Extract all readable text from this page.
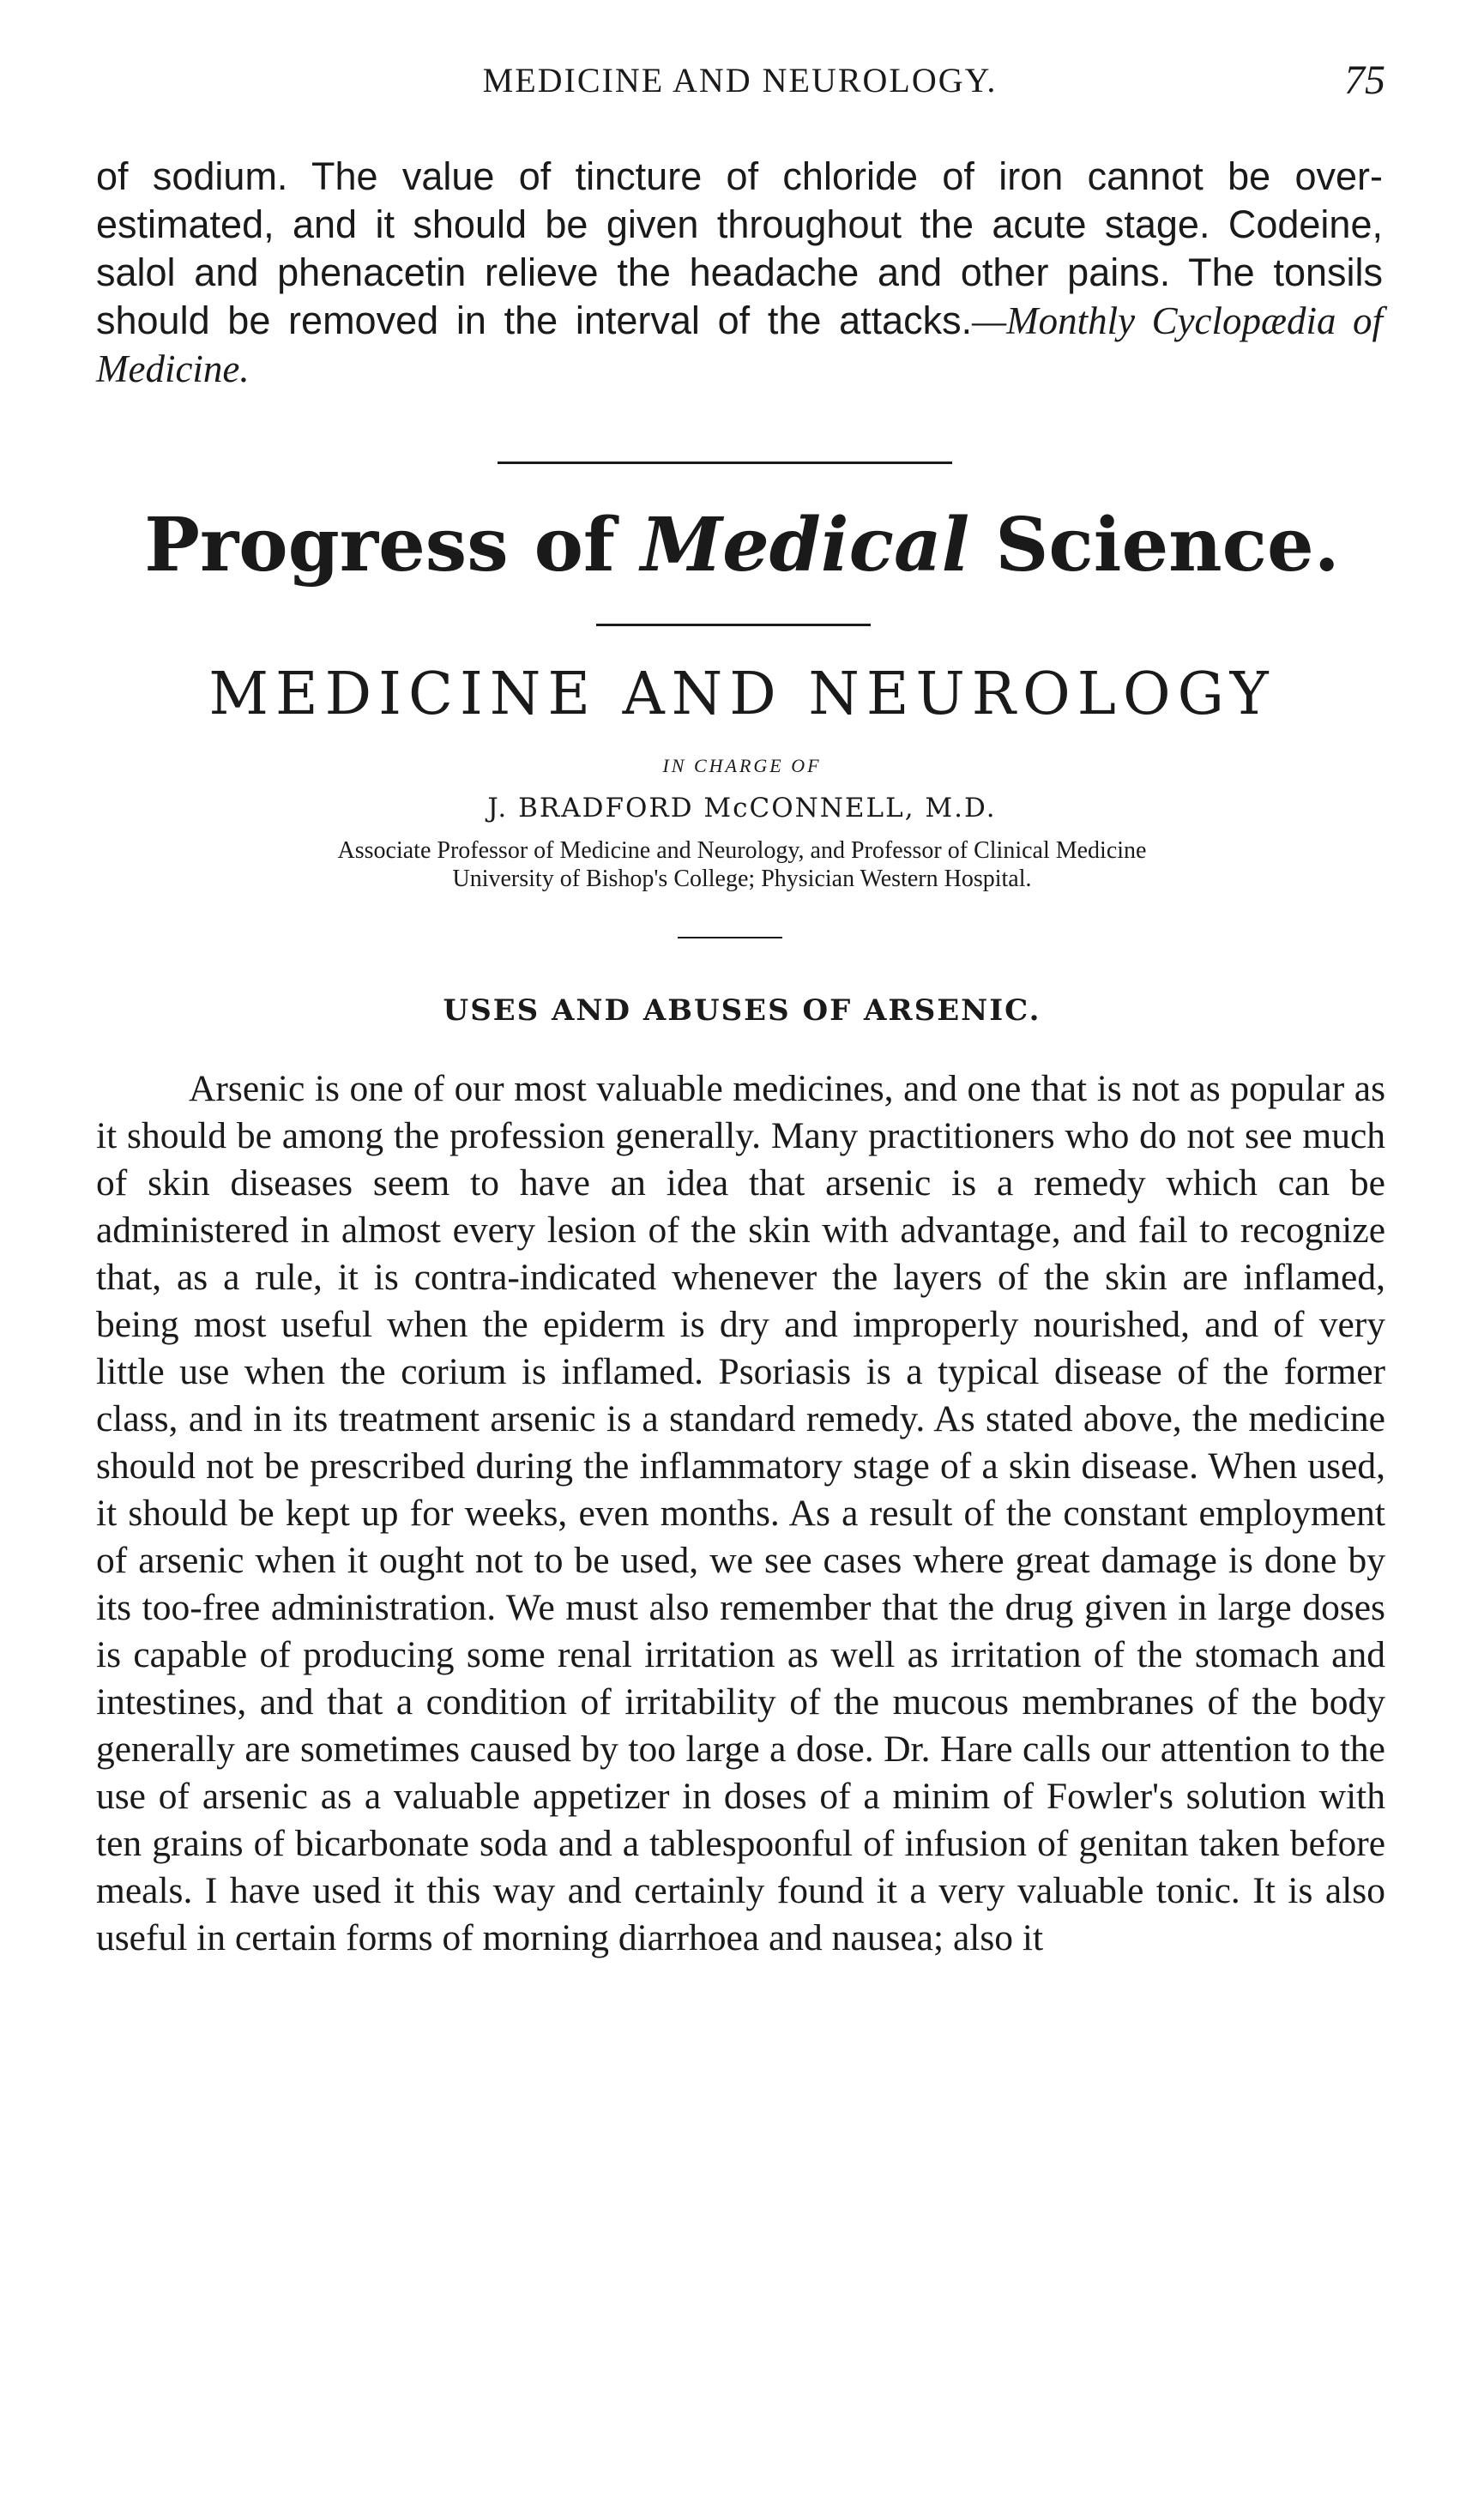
MEDICINE AND NEUROLOGY.	75

of sodium. The value of tincture of chloride of iron cannot be over-estimated, and it should be given throughout the acute stage. Codeine, salol and phenacetin relieve the headache and other pains. The tonsils should be removed in the interval of the attacks.—Monthly Cyclopædia of Medicine.

Progress of Medical Science.
MEDICINE AND NEUROLOGY
IN CHARGE OF
J. BRADFORD McCONNELL, M.D.
Associate Professor of Medicine and Neurology, and Professor of Clinical Medicine
University of Bishop's College; Physician Western Hospital.
USES AND ABUSES OF ARSENIC.

Arsenic is one of our most valuable medicines, and one that is not as popular as it should be among the profession generally. Many practitioners who do not see much of skin diseases seem to have an idea that arsenic is a remedy which can be administered in almost every lesion of the skin with advantage, and fail to recognize that, as a rule, it is contra-indicated whenever the layers of the skin are inflamed, being most useful when the epiderm is dry and improperly nourished, and of very little use when the corium is inflamed. Psoriasis is a typical disease of the former class, and in its treatment arsenic is a standard remedy. As stated above, the medicine should not be prescribed during the inflammatory stage of a skin disease. When used, it should be kept up for weeks, even months. As a result of the constant employment of arsenic when it ought not to be used, we see cases where great damage is done by its too-free administration. We must also remember that the drug given in large doses is capable of producing some renal irritation as well as irritation of the stomach and intestines, and that a condition of irritability of the mucous membranes of the body generally are sometimes caused by too large a dose. Dr. Hare calls our attention to the use of arsenic as a valuable appetizer in doses of a minim of Fowler's solution with ten grains of bicarbonate soda and a tablespoonful of infusion of genitan taken before meals. I have used it this way and certainly found it a very valuable tonic. It is also useful in certain forms of morning diarrhoea and nausea; also it
